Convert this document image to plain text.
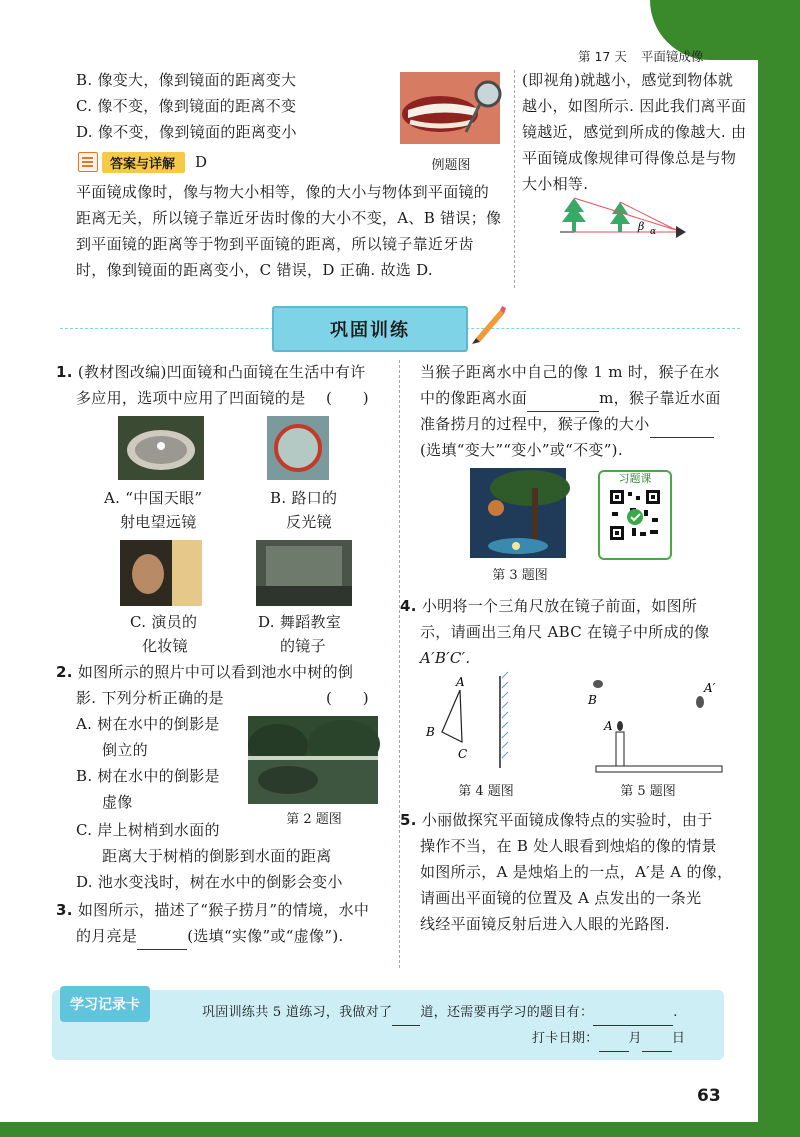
第 17 天 平面镜成像
B. 像变大，像到镜面的距离变大
C. 像不变，像到镜面的距离不变
D. 像不变，像到镜面的距离变小
答案与详解	D
平面镜成像时，像与物大小相等，像的大小与物体到平面镜的
距离无关，所以镜子靠近牙齿时像的大小不变，A、B 错误；像
到平面镜的距离等于物到平面镜的距离，所以镜子靠近牙齿
时，像到镜面的距离变小，C 错误，D 正确. 故选 D.
例题图
(即视角)就越小，感觉到物体就
越小，如图所示. 因此我们离平面
镜越近，感觉到所成的像越大. 由
平面镜成像规律可得像总是与物
大小相等.
β α
巩固训练
1. (教材图改编)凹面镜和凸面镜在生活中有许
多应用，选项中应用了凹面镜的是 (　　)
A. “中国天眼”
射电望远镜
B. 路口的
反光镜
C. 演员的
化妆镜
D. 舞蹈教室
的镜子
2. 如图所示的照片中可以看到池水中树的倒
影. 下列分析正确的是	(　　)
A. 树在水中的倒影是
倒立的
B. 树在水中的倒影是
虚像
C. 岸上树梢到水面的
距离大于树梢的倒影到水面的距离
D. 池水变浅时，树在水中的倒影会变小
第 2 题图
3. 如图所示，描述了“猴子捞月”的情境，水中
的月亮是	(选填“实像”或“虚像”).
当猴子距离水中自己的像 1 m 时，猴子在水
中的像距离水面	m，猴子靠近水面
准备捞月的过程中，猴子像的大小
(选填“变大”“变小”或“不变”).
第 3 题图
习题课
4. 小明将一个三角尺放在镜子前面，如图所
示，请画出三角尺 ABC 在镜子中所成的像
A′B′C′.
A
B
C
第 4 题图
B
A′
A
第 5 题图
5. 小丽做探究平面镜成像特点的实验时，由于
操作不当，在 B 处人眼看到烛焰的像的情景
如图所示，A 是烛焰上的一点，A′是 A 的像，
请画出平面镜的位置及 A 点发出的一条光
线经平面镜反射后进入人眼的光路图.
学习记录卡	巩固训练共 5 道练习，我做对了 道，还需要再学习的题目有：	.
打卡日期： 月 日
63
